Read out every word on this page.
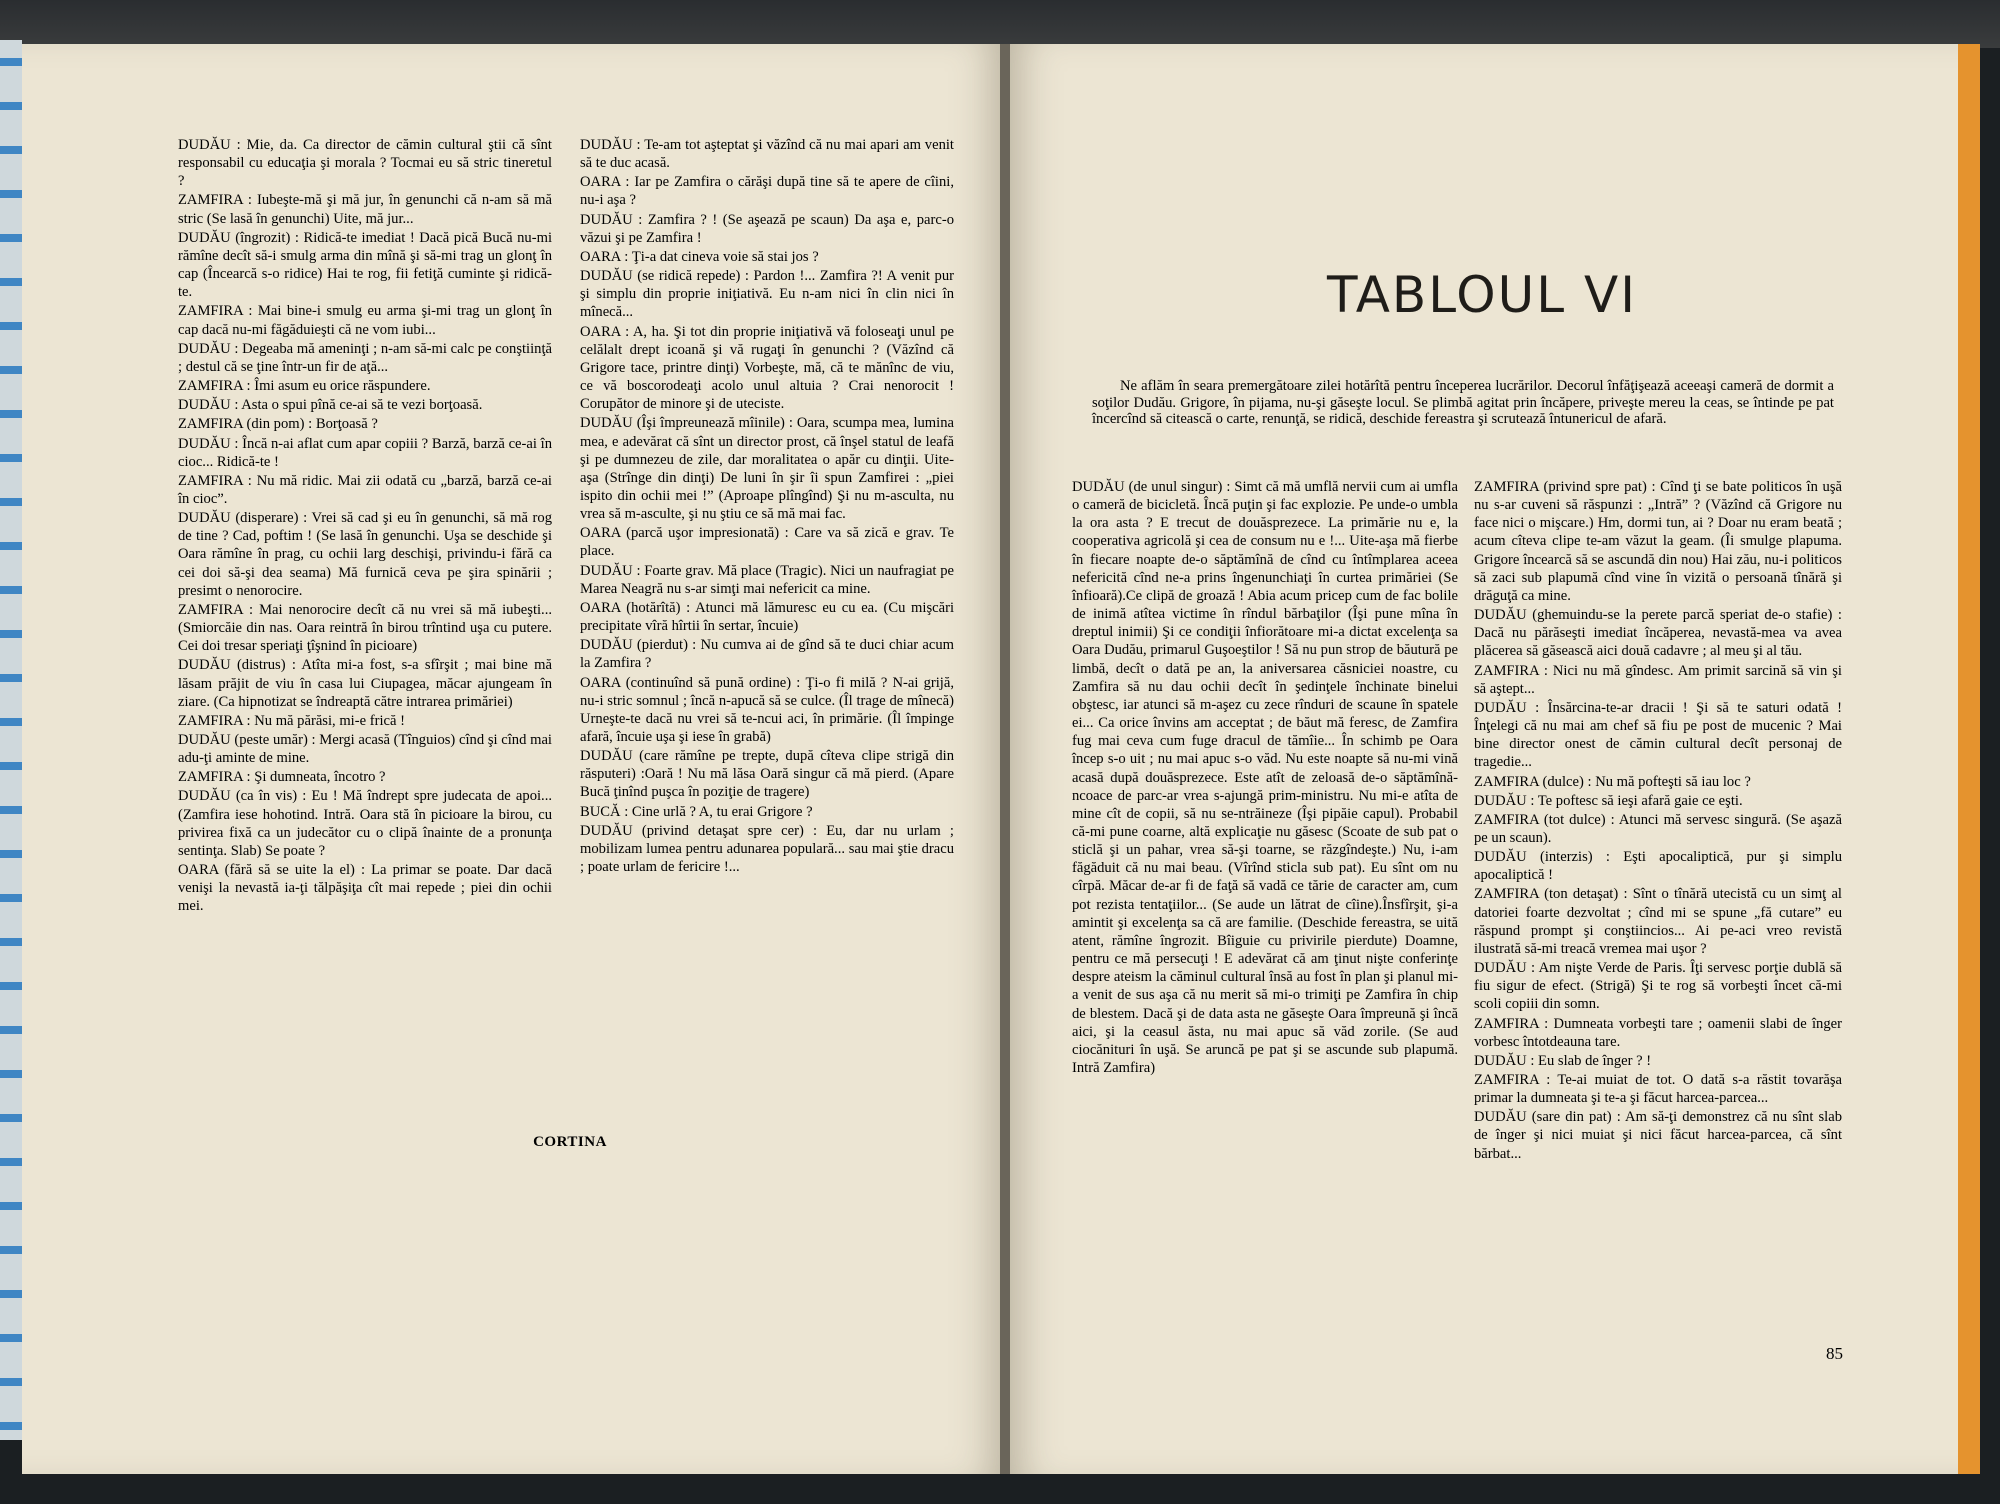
DUDĂU : Mie, da. Ca director de cămin cultural ştii că sînt responsabil cu educaţia şi morala ? Tocmai eu să stric tineretul ?

ZAMFIRA : Iubeşte-mă şi mă jur, în genunchi că n-am să mă stric (Se lasă în genunchi) Uite, mă jur...

DUDĂU (îngrozit) : Ridică-te imediat ! Dacă pică Bucă nu-mi rămîne decît să-i smulg arma din mînă şi să-mi trag un glonţ în cap (Încearcă s-o ridice) Hai te rog, fii fetiţă cuminte şi ridică-te.

ZAMFIRA : Mai bine-i smulg eu arma şi-mi trag un glonţ în cap dacă nu-mi făgăduieşti că ne vom iubi...

DUDĂU : Degeaba mă ameninţi ; n-am să-mi calc pe conştiinţă ; destul că se ţine într-un fir de aţă...

ZAMFIRA : Îmi asum eu orice răspundere.

DUDĂU : Asta o spui pînă ce-ai să te vezi borţoasă.

ZAMFIRA (din pom) : Borţoasă ?

DUDĂU : Încă n-ai aflat cum apar copiii ? Barză, barză ce-ai în cioc... Ridică-te !

ZAMFIRA : Nu mă ridic. Mai zii odată cu „barză, barză ce-ai în cioc”.

DUDĂU (disperare) : Vrei să cad şi eu în genunchi, să mă rog de tine ? Cad, poftim ! (Se lasă în genunchi. Uşa se deschide şi Oara rămîne în prag, cu ochii larg deschişi, privindu-i fără ca cei doi să-şi dea seama) Mă furnică ceva pe şira spinării ; presimt o nenorocire.

ZAMFIRA : Mai nenorocire decît că nu vrei să mă iubeşti... (Smiorcăie din nas. Oara reintră în birou trîntind uşa cu putere. Cei doi tresar speriaţi ţîşnind în picioare)

DUDĂU (distrus) : Atîta mi-a fost, s-a sfîrşit ; mai bine mă lăsam prăjit de viu în casa lui Ciupagea, măcar ajungeam în ziare. (Ca hipnotizat se îndreaptă către intrarea primăriei)

ZAMFIRA : Nu mă părăsi, mi-e frică !

DUDĂU (peste umăr) : Mergi acasă (Tînguios) cînd şi cînd mai adu-ţi aminte de mine.

ZAMFIRA : Şi dumneata, încotro ?

DUDĂU (ca în vis) : Eu ! Mă îndrept spre judecata de apoi... (Zamfira iese hohotind. Intră. Oara stă în picioare la birou, cu privirea fixă ca un judecător cu o clipă înainte de a pronunţa sentinţa. Slab) Se poate ?

OARA (fără să se uite la el) : La primar se poate. Dar dacă venişi la nevastă ia-ţi tălpăşiţa cît mai repede ; piei din ochii mei.

DUDĂU : Te-am tot aşteptat şi văzînd că nu mai apari am venit să te duc acasă.

OARA : Iar pe Zamfira o cărăşi după tine să te apere de cîini, nu-i aşa ?

DUDĂU : Zamfira ? ! (Se aşează pe scaun) Da aşa e, parc-o văzui şi pe Zamfira !

OARA : Ţi-a dat cineva voie să stai jos ?

DUDĂU (se ridică repede) : Pardon !... Zamfira ?! A venit pur şi simplu din proprie iniţiativă. Eu n-am nici în clin nici în mînecă...

OARA : A, ha. Şi tot din proprie iniţiativă vă foloseaţi unul pe celălalt drept icoană şi vă rugaţi în genunchi ? (Văzînd că Grigore tace, printre dinţi) Vorbeşte, mă, că te mănînc de viu, ce vă boscorodeaţi acolo unul altuia ? Crai nenorocit ! Corupător de minore şi de uteciste.

DUDĂU (Îşi împreunează mîinile) : Oara, scumpa mea, lumina mea, e adevărat că sînt un director prost, că înşel statul de leafă şi pe dumnezeu de zile, dar moralitatea o apăr cu dinţii. Uite-aşa (Strînge din dinţi) De luni în şir îi spun Zamfirei : „piei ispito din ochii mei !” (Aproape plîngînd) Şi nu m-asculta, nu vrea să m-asculte, şi nu ştiu ce să mă mai fac.

OARA (parcă uşor impresionată) : Care va să zică e grav. Te place.

DUDĂU : Foarte grav. Mă place (Tragic). Nici un naufragiat pe Marea Neagră nu s-ar simţi mai nefericit ca mine.

OARA (hotărîtă) : Atunci mă lămuresc eu cu ea. (Cu mişcări precipitate vîră hîrtii în sertar, încuie)

DUDĂU (pierdut) : Nu cumva ai de gînd să te duci chiar acum la Zamfira ?

OARA (continuînd să pună ordine) : Ţi-o fi milă ? N-ai grijă, nu-i stric somnul ; încă n-apucă să se culce. (Îl trage de mînecă) Urneşte-te dacă nu vrei să te-ncui aci, în primărie. (Îl împinge afară, încuie uşa şi iese în grabă)

DUDĂU (care rămîne pe trepte, după cîteva clipe strigă din răsputeri) :Oară ! Nu mă lăsa Oară singur că mă pierd. (Apare Bucă ţinînd puşca în poziţie de tragere)

BUCĂ : Cine urlă ? A, tu erai Grigore ?

DUDĂU (privind detaşat spre cer) : Eu, dar nu urlam ; mobilizam lumea pentru adunarea populară... sau mai ştie dracu ; poate urlam de fericire !...

CORTINA
TABLOUL VI
Ne aflăm în seara premergătoare zilei hotărîtă pentru începerea lucrărilor. Decorul înfăţişează aceeaşi cameră de dormit a soţilor Dudău. Grigore, în pijama, nu-şi găseşte locul. Se plimbă agitat prin încăpere, priveşte mereu la ceas, se întinde pe pat încercînd să citească o carte, renunţă, se ridică, deschide fereastra şi scrutează întunericul de afară.

DUDĂU (de unul singur) : Simt că mă umflă nervii cum ai umfla o cameră de bicicletă. Încă puţin şi fac explozie. Pe unde-o umbla la ora asta ? E trecut de douăsprezece. La primărie nu e, la cooperativa agricolă şi cea de consum nu e !... Uite-aşa mă fierbe în fiecare noapte de-o săptămînă de cînd cu întîmplarea aceea nefericită cînd ne-a prins îngenunchiaţi în curtea primăriei (Se înfioară).Ce clipă de groază ! Abia acum pricep cum de fac bolile de inimă atîtea victime în rîndul bărbaţilor (Îşi pune mîna în dreptul inimii) Şi ce condiţii înfiorătoare mi-a dictat excelenţa sa Oara Dudău, primarul Guşoeştilor ! Să nu pun strop de băutură pe limbă, decît o dată pe an, la aniversarea căsniciei noastre, cu Zamfira să nu dau ochii decît în şedinţele închinate binelui obştesc, iar atunci să m-aşez cu zece rînduri de scaune în spatele ei... Ca orice învins am acceptat ; de băut mă feresc, de Zamfira fug mai ceva cum fuge dracul de tămîie... În schimb pe Oara încep s-o uit ; nu mai apuc s-o văd. Nu este noapte să nu-mi vină acasă după douăsprezece. Este atît de zeloasă de-o săptămînă-ncoace de parc-ar vrea s-ajungă prim-ministru. Nu mi-e atîta de mine cît de copii, să nu se-ntrăineze (Îşi pipăie capul). Probabil că-mi pune coarne, altă explicaţie nu găsesc (Scoate de sub pat o sticlă şi un pahar, vrea să-şi toarne, se răzgîndeşte.) Nu, i-am făgăduit că nu mai beau. (Vîrînd sticla sub pat). Eu sînt om nu cîrpă. Măcar de-ar fi de faţă să vadă ce tărie de caracter am, cum pot rezista tentaţiilor... (Se aude un lătrat de cîine).Însfîrşit, şi-a amintit şi excelenţa sa că are familie. (Deschide fereastra, se uită atent, rămîne îngrozit. Bîiguie cu privirile pierdute) Doamne, pentru ce mă persecuţi ! E adevărat că am ţinut nişte conferinţe despre ateism la căminul cultural însă au fost în plan şi planul mi-a venit de sus aşa că nu merit să mi-o trimiţi pe Zamfira în chip de blestem. Dacă şi de data asta ne găseşte Oara împreună şi încă aici, şi la ceasul ăsta, nu mai apuc să văd zorile. (Se aud ciocănituri în uşă. Se aruncă pe pat şi se ascunde sub plapumă. Intră Zamfira)

ZAMFIRA (privind spre pat) : Cînd ţi se bate politicos în uşă nu s-ar cuveni să răspunzi : „Intră” ? (Văzînd că Grigore nu face nici o mişcare.) Hm, dormi tun, ai ? Doar nu eram beată ; acum cîteva clipe te-am văzut la geam. (Îi smulge plapuma. Grigore încearcă să se ascundă din nou) Hai zău, nu-i politicos să zaci sub plapumă cînd vine în vizită o persoană tînără şi drăguţă ca mine.

DUDĂU (ghemuindu-se la perete parcă speriat de-o stafie) : Dacă nu părăseşti imediat încăperea, nevastă-mea va avea plăcerea să găsească aici două cadavre ; al meu şi al tău.

ZAMFIRA : Nici nu mă gîndesc. Am primit sarcină să vin şi să aştept...

DUDĂU : Însărcina-te-ar dracii ! Şi să te saturi odată ! Înţelegi că nu mai am chef să fiu pe post de mucenic ? Mai bine director onest de cămin cultural decît personaj de tragedie...

ZAMFIRA (dulce) : Nu mă pofteşti să iau loc ?

DUDĂU : Te poftesc să ieşi afară gaie ce eşti.

ZAMFIRA (tot dulce) : Atunci mă servesc singură. (Se aşază pe un scaun).

DUDĂU (interzis) : Eşti apocaliptică, pur şi simplu apocaliptică !

ZAMFIRA (ton detaşat) : Sînt o tînără utecistă cu un simţ al datoriei foarte dezvoltat ; cînd mi se spune „fă cutare” eu răspund prompt şi conştiincios... Ai pe-aci vreo revistă ilustrată să-mi treacă vremea mai uşor ?

DUDĂU : Am nişte Verde de Paris. Îţi servesc porţie dublă să fiu sigur de efect. (Strigă) Şi te rog să vorbeşti încet că-mi scoli copiii din somn.

ZAMFIRA : Dumneata vorbeşti tare ; oamenii slabi de înger vorbesc întotdeauna tare.

DUDĂU : Eu slab de înger ? !

ZAMFIRA : Te-ai muiat de tot. O dată s-a răstit tovarăşa primar la dumneata şi te-a şi făcut harcea-parcea...

DUDĂU (sare din pat) : Am să-ţi demonstrez că nu sînt slab de înger şi nici muiat şi nici făcut harcea-parcea, că sînt bărbat...

85
